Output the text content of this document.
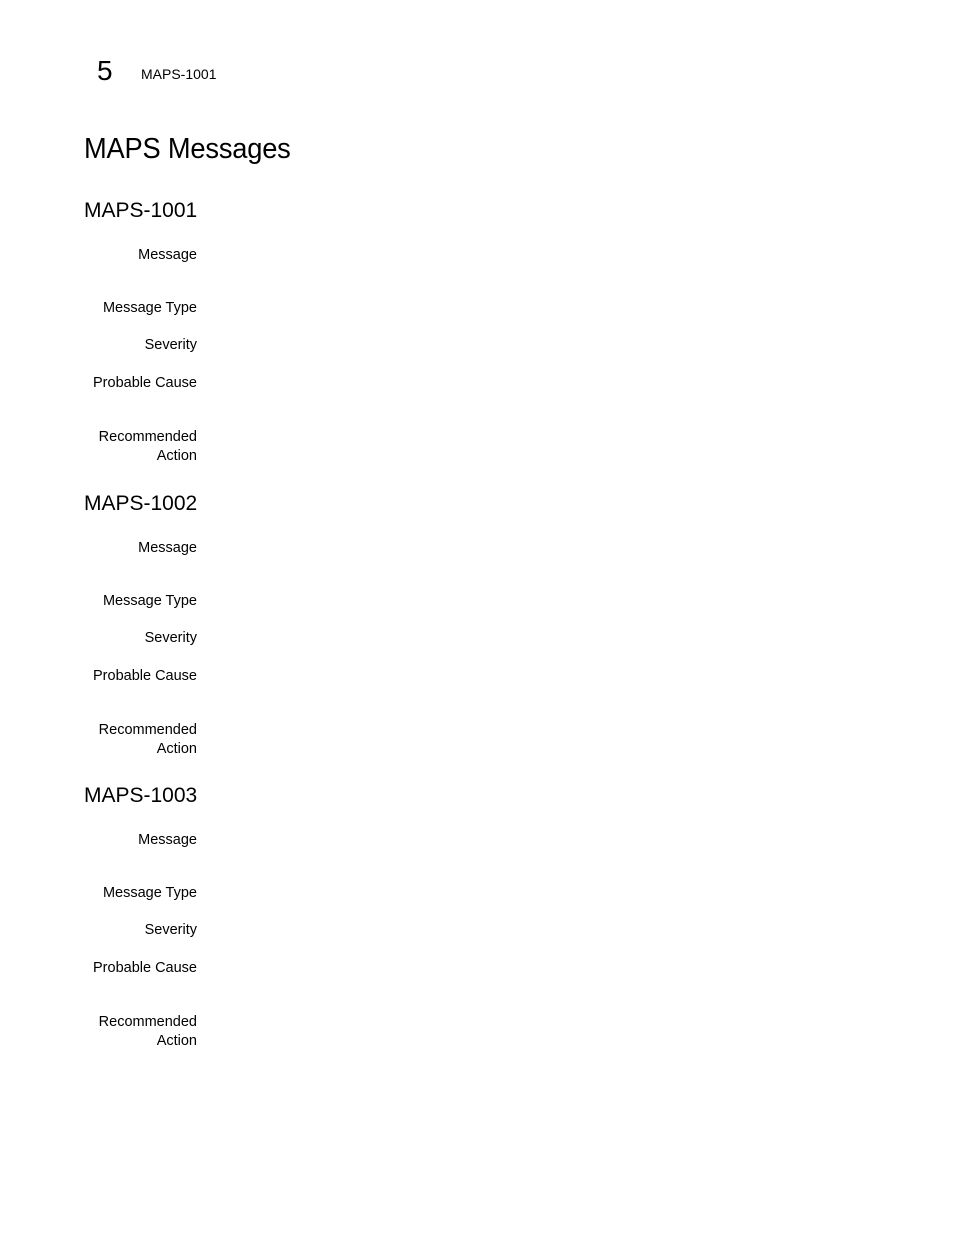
5 MAPS-1001
MAPS Messages
MAPS-1001
Message
Message Type
Severity
Probable Cause
Recommended
Action
MAPS-1002
Message
Message Type
Severity
Probable Cause
Recommended
Action
MAPS-1003
Message
Message Type
Severity
Probable Cause
Recommended
Action
